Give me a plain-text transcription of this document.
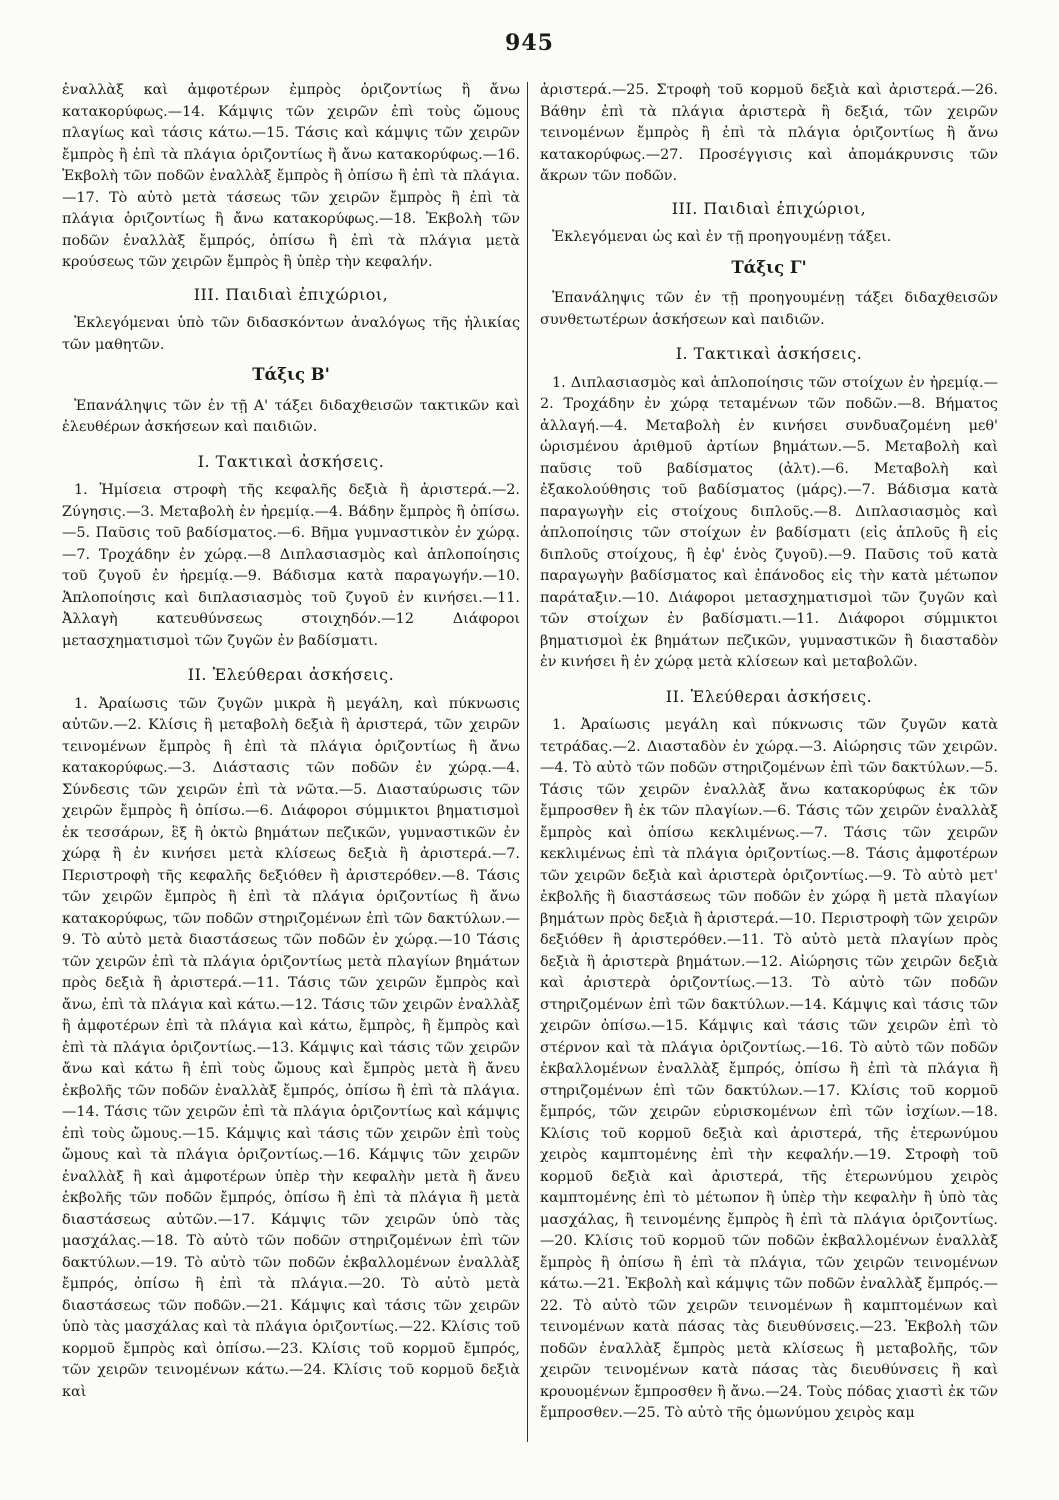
945

ἐναλλὰξ καὶ ἀμφοτέρων ἐμπρὸς ὁριζοντίως ἢ ἄνω κατακορύφως.—14. Κάμψις τῶν χειρῶν ἐπὶ τοὺς ὤμους πλαγίως καὶ τάσις κάτω.—15. Τάσις καὶ κάμψις τῶν χειρῶν ἔμπρὸς ἢ ἐπὶ τὰ πλάγια ὁριζοντίως ἢ ἄνω κατακορύφως.—16. Ἐκβολὴ τῶν ποδῶν ἐναλλὰξ ἔμπρὸς ἢ ὀπίσω ἢ ἐπὶ τὰ πλάγια.—17. Τὸ αὐτὸ μετὰ τάσεως τῶν χειρῶν ἔμπρὸς ἢ ἐπὶ τὰ πλάγια ὁριζοντίως ἢ ἄνω κατακορύφως.—18. Ἐκβολὴ τῶν ποδῶν ἐναλλὰξ ἔμπρός, ὀπίσω ἢ ἐπὶ τὰ πλάγια μετὰ κρούσεως τῶν χειρῶν ἔμπρὸς ἢ ὑπὲρ τὴν κεφαλήν.

III. Παιδιαὶ ἐπιχώριοι,

Ἐκλεγόμεναι ὑπὸ τῶν διδασκόντων ἀναλόγως τῆς ἡλικίας τῶν μαθητῶν.

Τάξις Β'

Ἐπανάληψις τῶν ἐν τῇ Α' τάξει διδαχθεισῶν τακτικῶν καὶ ἐλευθέρων ἀσκήσεων καὶ παιδιῶν.

I. Τακτικαὶ ἀσκήσεις.

1. Ἡμίσεια στροφὴ τῆς κεφαλῆς δεξιὰ ἢ ἀριστερά.—2. Ζύγησις.—3. Μεταβολὴ ἐν ἠρεμίᾳ.—4. Βάδην ἔμπρὸς ἢ ὀπίσω.—5. Παῦσις τοῦ βαδίσματος.—6. Βῆμα γυμναστικὸν ἐν χώρᾳ.—7. Τροχάδην ἐν χώρᾳ.—8 Διπλασιασμὸς καὶ ἁπλοποίησις τοῦ ζυγοῦ ἐν ἠρεμίᾳ.—9. Βάδισμα κατὰ παραγωγήν.—10. Ἁπλοποίησις καὶ διπλασιασμὸς τοῦ ζυγοῦ ἐν κινήσει.—11. Ἀλλαγὴ κατευθύνσεως στοιχηδόν.—12 Διάφοροι μετασχηματισμοὶ τῶν ζυγῶν ἐν βαδίσματι.

II. Ἐλεύθεραι ἀσκήσεις.

1. Ἀραίωσις τῶν ζυγῶν μικρὰ ἢ μεγάλη, καὶ πύκνωσις αὐτῶν.—2. Κλίσις ἢ μεταβολὴ δεξιὰ ἢ ἀριστερά, τῶν χειρῶν τεινομένων ἔμπρὸς ἢ ἐπὶ τὰ πλάγια ὁριζοντίως ἢ ἄνω κατακορύφως.—3. Διάστασις τῶν ποδῶν ἐν χώρᾳ.—4. Σύνδεσις τῶν χειρῶν ἐπὶ τὰ νῶτα.—5. Διασταύρωσις τῶν χειρῶν ἔμπρὸς ἢ ὀπίσω.—6. Διάφοροι σύμμικτοι βηματισμοὶ ἐκ τεσσάρων, ἓξ ἢ ὀκτὼ βημάτων πεζικῶν, γυμναστικῶν ἐν χώρᾳ ἢ ἐν κινήσει μετὰ κλίσεως δεξιὰ ἢ ἀριστερά.—7. Περιστροφὴ τῆς κεφαλῆς δεξιόθεν ἢ ἀριστερόθεν.—8. Τάσις τῶν χειρῶν ἔμπρὸς ἢ ἐπὶ τὰ πλάγια ὁριζοντίως ἢ ἄνω κατακορύφως, τῶν ποδῶν στηριζομένων ἐπὶ τῶν δακτύλων.—9. Τὸ αὐτὸ μετὰ διαστάσεως τῶν ποδῶν ἐν χώρᾳ.—10 Τάσις τῶν χειρῶν ἐπὶ τὰ πλάγια ὁριζοντίως μετὰ πλαγίων βημάτων πρὸς δεξιὰ ἢ ἀριστερά.—11. Τάσις τῶν χειρῶν ἔμπρὸς καὶ ἄνω, ἐπὶ τὰ πλάγια καὶ κάτω.—12. Τάσις τῶν χειρῶν ἐναλλὰξ ἢ ἀμφοτέρων ἐπὶ τὰ πλάγια καὶ κάτω, ἔμπρὸς, ἢ ἔμπρὸς καὶ ἐπὶ τὰ πλάγια ὁριζοντίως.—13. Κάμψις καὶ τάσις τῶν χειρῶν ἄνω καὶ κάτω ἢ ἐπὶ τοὺς ὤμους καὶ ἔμπρὸς μετὰ ἢ ἄνευ ἐκβολῆς τῶν ποδῶν ἐναλλὰξ ἔμπρός, ὀπίσω ἢ ἐπὶ τὰ πλάγια.—14. Τάσις τῶν χειρῶν ἐπὶ τὰ πλάγια ὁριζοντίως καὶ κάμψις ἐπὶ τοὺς ὤμους.—15. Κάμψις καὶ τάσις τῶν χειρῶν ἐπὶ τοὺς ὤμους καὶ τὰ πλάγια ὁριζοντίως.—16. Κάμψις τῶν χειρῶν ἐναλλὰξ ἢ καὶ ἀμφοτέρων ὑπὲρ τὴν κεφαλὴν μετὰ ἢ ἄνευ ἐκβολῆς τῶν ποδῶν ἔμπρός, ὀπίσω ἢ ἐπὶ τὰ πλάγια ἢ μετὰ διαστάσεως αὐτῶν.—17. Κάμψις τῶν χειρῶν ὑπὸ τὰς μασχάλας.—18. Τὸ αὐτὸ τῶν ποδῶν στηριζομένων ἐπὶ τῶν δακτύλων.—19. Τὸ αὐτὸ τῶν ποδῶν ἐκβαλλομένων ἐναλλὰξ ἔμπρός, ὀπίσω ἢ ἐπὶ τὰ πλάγια.—20. Τὸ αὐτὸ μετὰ διαστάσεως τῶν ποδῶν.—21. Κάμψις καὶ τάσις τῶν χειρῶν ὑπὸ τὰς μασχάλας καὶ τὰ πλάγια ὁριζοντίως.—22. Κλίσις τοῦ κορμοῦ ἔμπρὸς καὶ ὀπίσω.—23. Κλίσις τοῦ κορμοῦ ἔμπρός, τῶν χειρῶν τεινομένων κάτω.—24. Κλίσις τοῦ κορμοῦ δεξιὰ καὶ

ἀριστερά.—25. Στροφὴ τοῦ κορμοῦ δεξιὰ καὶ ἀριστερά.—26. Βάθην ἐπὶ τὰ πλάγια ἀριστερὰ ἢ δεξιά, τῶν χειρῶν τεινομένων ἔμπρὸς ἢ ἐπὶ τὰ πλάγια ὁριζοντίως ἢ ἄνω κατακορύφως.—27. Προσέγγισις καὶ ἀπομάκρυνσις τῶν ἄκρων τῶν ποδῶν.

III. Παιδιαὶ ἐπιχώριοι,

Ἐκλεγόμεναι ὡς καὶ ἐν τῇ προηγουμένῃ τάξει.

Τάξις Γ'

Ἐπανάληψις τῶν ἐν τῇ προηγουμένῃ τάξει διδαχθεισῶν συνθετωτέρων ἀσκήσεων καὶ παιδιῶν.

I. Τακτικαὶ ἀσκήσεις.

1. Διπλασιασμὸς καὶ ἁπλοποίησις τῶν στοίχων ἐν ἠρεμίᾳ.—2. Τροχάδην ἐν χώρᾳ τεταμένων τῶν ποδῶν.—8. Βήματος ἀλλαγή.—4. Μεταβολὴ ἐν κινήσει συνδυαζομένη μεθ' ὡρισμένου ἀριθμοῦ ἀρτίων βημάτων.—5. Μεταβολὴ καὶ παῦσις τοῦ βαδίσματος (ἀλτ).—6. Μεταβολὴ καὶ ἐξακολούθησις τοῦ βαδίσματος (μάρς).—7. Βάδισμα κατὰ παραγωγὴν εἰς στοίχους διπλοῦς.—8. Διπλασιασμὸς καὶ ἁπλοποίησις τῶν στοίχων ἐν βαδίσματι (εἰς ἁπλοῦς ἢ εἰς διπλοῦς στοίχους, ἢ ἐφ' ἑνὸς ζυγοῦ).—9. Παῦσις τοῦ κατὰ παραγωγὴν βαδίσματος καὶ ἐπάνοδος εἰς τὴν κατὰ μέτωπον παράταξιν.—10. Διάφοροι μετασχηματισμοὶ τῶν ζυγῶν καὶ τῶν στοίχων ἐν βαδίσματι.—11. Διάφοροι σύμμικτοι βηματισμοὶ ἐκ βημάτων πεζικῶν, γυμναστικῶν ἢ διασταδὸν ἐν κινήσει ἢ ἐν χώρᾳ μετὰ κλίσεων καὶ μεταβολῶν.

II. Ἐλεύθεραι ἀσκήσεις.

1. Ἀραίωσις μεγάλη καὶ πύκνωσις τῶν ζυγῶν κατὰ τετράδας.—2. Διασταδὸν ἐν χώρᾳ.—3. Αἰώρησις τῶν χειρῶν.—4. Τὸ αὐτὸ τῶν ποδῶν στηριζομένων ἐπὶ τῶν δακτύλων.—5. Τάσις τῶν χειρῶν ἐναλλὰξ ἄνω κατακορύφως ἐκ τῶν ἔμπροσθεν ἢ ἐκ τῶν πλαγίων.—6. Τάσις τῶν χειρῶν ἐναλλὰξ ἔμπρὸς καὶ ὀπίσω κεκλιμένως.—7. Τάσις τῶν χειρῶν κεκλιμένως ἐπὶ τὰ πλάγια ὁριζοντίως.—8. Τάσις ἀμφοτέρων τῶν χειρῶν δεξιὰ καὶ ἀριστερὰ ὁριζοντίως.—9. Τὸ αὐτὸ μετ' ἐκβολῆς ἢ διαστάσεως τῶν ποδῶν ἐν χώρᾳ ἢ μετὰ πλαγίων βημάτων πρὸς δεξιὰ ἢ ἀριστερά.—10. Περιστροφὴ τῶν χειρῶν δεξιόθεν ἢ ἀριστερόθεν.—11. Τὸ αὐτὸ μετὰ πλαγίων πρὸς δεξιὰ ἢ ἀριστερὰ βημάτων.—12. Αἰώρησις τῶν χειρῶν δεξιὰ καὶ ἀριστερὰ ὁριζοντίως.—13. Τὸ αὐτὸ τῶν ποδῶν στηριζομένων ἐπὶ τῶν δακτύλων.—14. Κάμψις καὶ τάσις τῶν χειρῶν ὀπίσω.—15. Κάμψις καὶ τάσις τῶν χειρῶν ἐπὶ τὸ στέρνον καὶ τὰ πλάγια ὁριζοντίως.—16. Τὸ αὐτὸ τῶν ποδῶν ἐκβαλλομένων ἐναλλὰξ ἔμπρός, ὀπίσω ἢ ἐπὶ τὰ πλάγια ἢ στηριζομένων ἐπὶ τῶν δακτύλων.—17. Κλίσις τοῦ κορμοῦ ἔμπρός, τῶν χειρῶν εὑρισκομένων ἐπὶ τῶν ἰσχίων.—18. Κλίσις τοῦ κορμοῦ δεξιὰ καὶ ἀριστερά, τῆς ἑτερωνύμου χειρὸς καμπτομένης ἐπὶ τὴν κεφαλήν.—19. Στροφὴ τοῦ κορμοῦ δεξιὰ καὶ ἀριστερά, τῆς ἑτερωνύμου χειρὸς καμπτομένης ἐπὶ τὸ μέτωπον ἢ ὑπὲρ τὴν κεφαλὴν ἢ ὑπὸ τὰς μασχάλας, ἢ τεινομένης ἔμπρὸς ἢ ἐπὶ τὰ πλάγια ὁριζοντίως.—20. Κλίσις τοῦ κορμοῦ τῶν ποδῶν ἐκβαλλομένων ἐναλλὰξ ἔμπρὸς ἢ ὀπίσω ἢ ἐπὶ τὰ πλάγια, τῶν χειρῶν τεινομένων κάτω.—21. Ἐκβολὴ καὶ κάμψις τῶν ποδῶν ἐναλλὰξ ἔμπρός.—22. Τὸ αὐτὸ τῶν χειρῶν τεινομένων ἢ καμπτομένων καὶ τεινομένων κατὰ πάσας τὰς διευθύνσεις.—23. Ἐκβολὴ τῶν ποδῶν ἐναλλὰξ ἔμπρὸς μετὰ κλίσεως ἢ μεταβολῆς, τῶν χειρῶν τεινομένων κατὰ πάσας τὰς διευθύνσεις ἢ καὶ κρουομένων ἔμπροσθεν ἢ ἄνω.—24. Τοὺς πόδας χιαστὶ ἐκ τῶν ἔμπροσθεν.—25. Τὸ αὐτὸ τῆς ὁμωνύμου χειρὸς καμ
